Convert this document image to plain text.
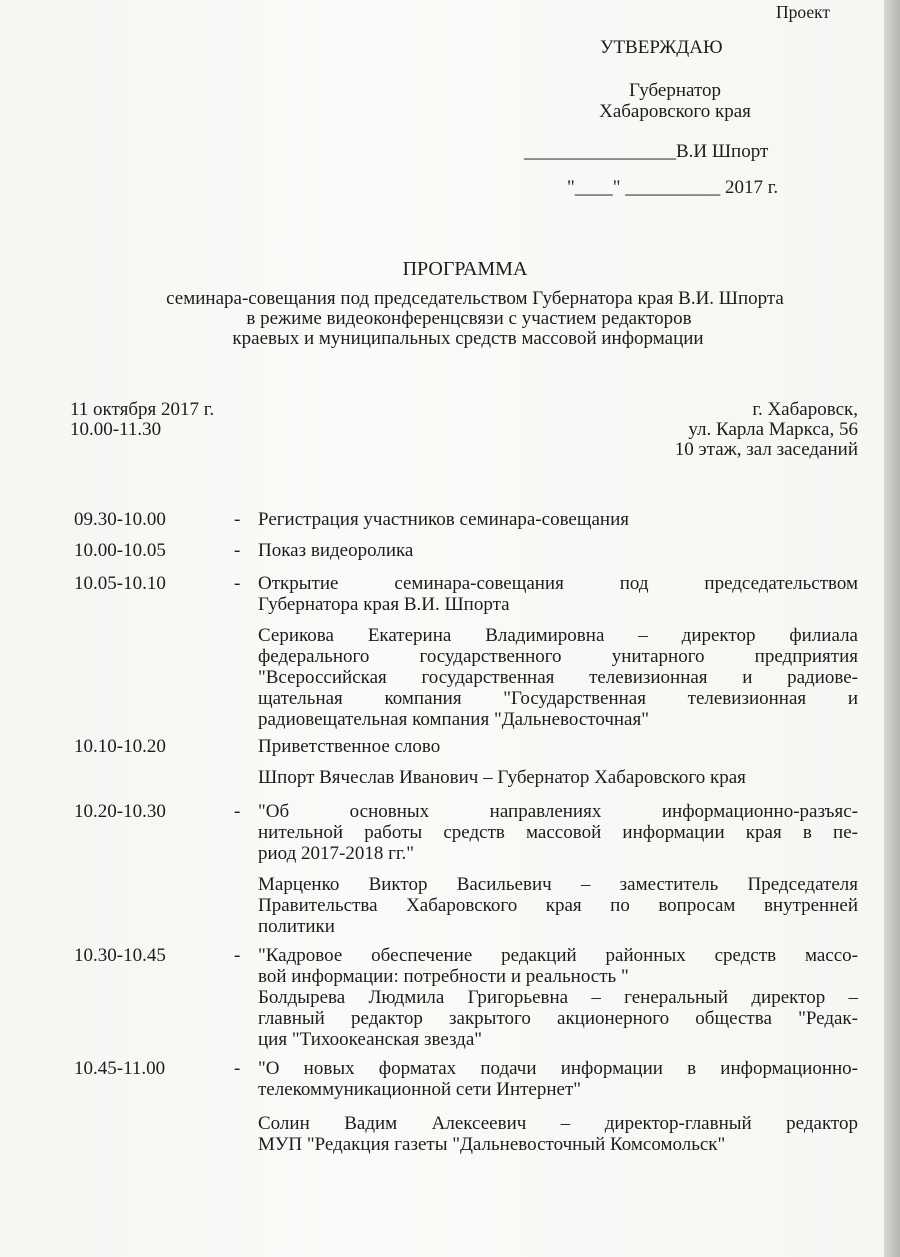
Проект
УТВЕРЖДАЮ
Губернатор
Хабаровского края
________________В.И Шпорт
"____" __________ 2017 г.
ПРОГРАММА
семинара-совещания под председательством Губернатора края В.И. Шпорта
в режиме видеоконференцсвязи с участием редакторов
краевых и муниципальных средств массовой информации
11 октября 2017 г.
10.00-11.30
г. Хабаровск,
ул. Карла Маркса, 56
10 этаж, зал заседаний
09.30-10.00	- Регистрация участников семинара-совещания
10.00-10.05	- Показ видеоролика
10.05-10.10	- Открытие семинара-совещания под председательством
Губернатора края В.И. Шпорта
Серикова Екатерина Владимировна – директор филиала
федерального государственного унитарного предприятия
"Всероссийская государственная телевизионная и радиове-
щательная компания "Государственная телевизионная и
радиовещательная компания "Дальневосточная"
10.10-10.20	Приветственное слово
Шпорт Вячеслав Иванович – Губернатор Хабаровского края
10.20-10.30	- "Об основных направлениях информационно-разъяс-
нительной работы средств массовой информации края в пе-
риод 2017-2018 гг."
Марценко Виктор Васильевич – заместитель Председателя
Правительства Хабаровского края по вопросам внутренней
политики
10.30-10.45	- "Кадровое обеспечение редакций районных средств массо-
вой информации: потребности и реальность "
Болдырева Людмила Григорьевна – генеральный директор –
главный редактор закрытого акционерного общества "Редак-
ция "Тихоокеанская звезда"
10.45-11.00	- "О новых форматах подачи информации в информационно-
телекоммуникационной сети Интернет"
Солин Вадим Алексеевич – директор-главный редактор
МУП "Редакция газеты "Дальневосточный Комсомольск"
